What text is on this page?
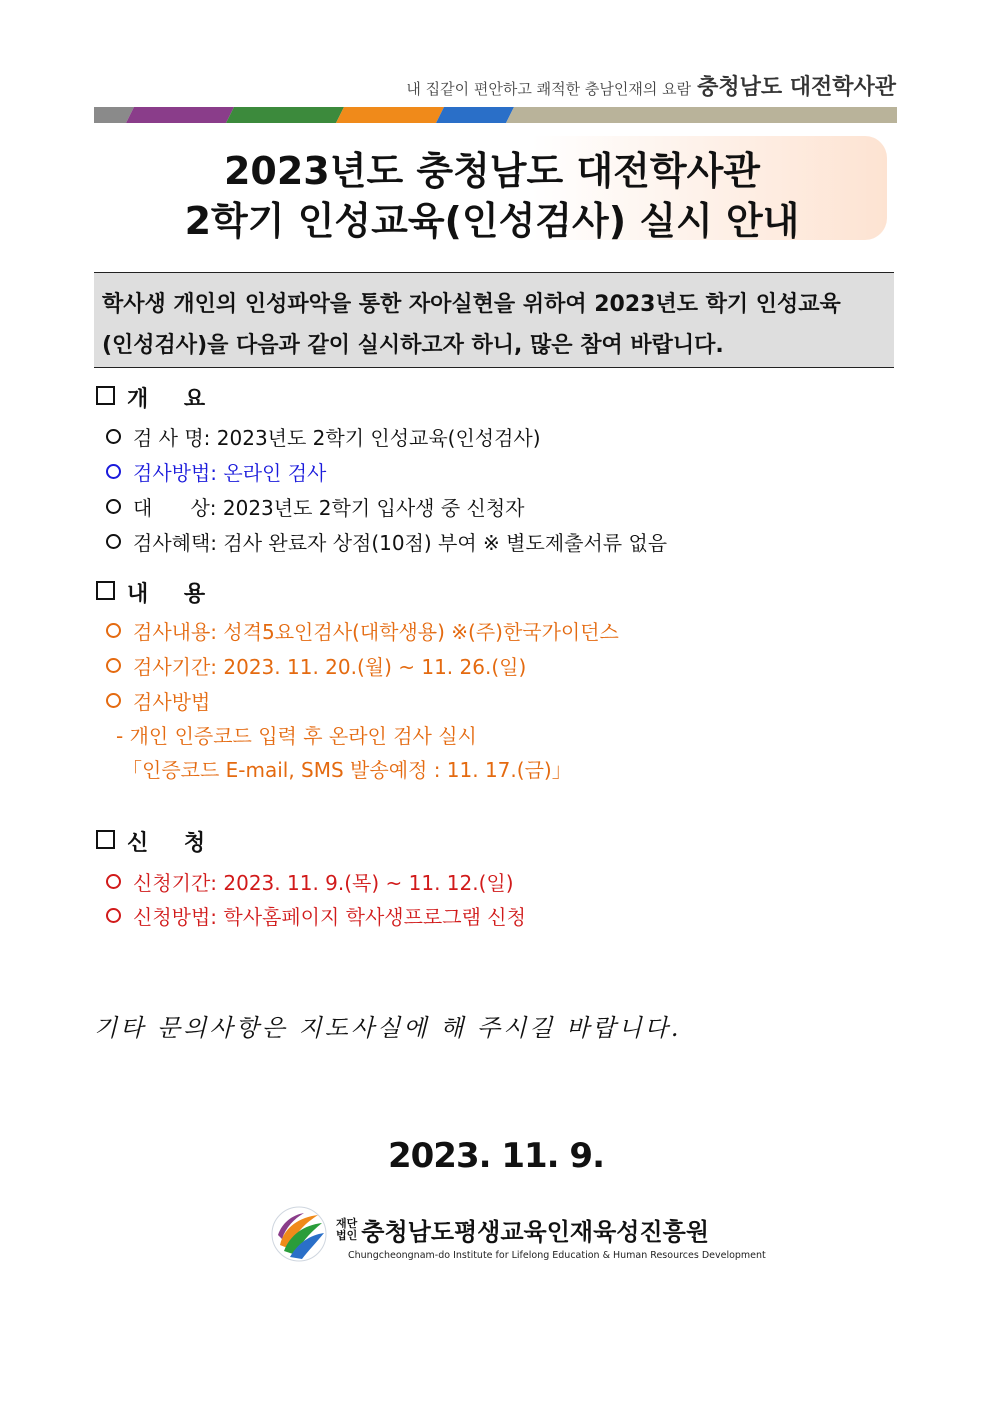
내 집같이 편안하고 쾌적한 충남인재의 요람 충청남도 대전학사관
2023년도 충청남도 대전학사관
2학기 인성교육(인성검사) 실시 안내
학사생 개인의 인성파악을 통한 자아실현을 위하여 2023년도 학기 인성교육
(인성검사)을 다음과 같이 실시하고자 하니, 많은 참여 바랍니다.
개 요
검 사 명: 2023년도 2학기 인성교육(인성검사)
검사방법: 온라인 검사
대      상: 2023년도 2학기 입사생 중 신청자
검사혜택: 검사 완료자 상점(10점) 부여 ※ 별도제출서류 없음
내 용
검사내용: 성격5요인검사(대학생용) ※(주)한국가이던스
검사기간: 2023. 11. 20.(월) ~ 11. 26.(일)
검사방법
- 개인 인증코드 입력 후 온라인 검사 실시
「인증코드 E-mail, SMS 발송예정 : 11. 17.(금)」
신 청
신청기간: 2023. 11. 9.(목) ~ 11. 12.(일)
신청방법: 학사홈페이지 학사생프로그램 신청
기타 문의사항은 지도사실에 해 주시길 바랍니다.
2023. 11. 9.
재단
법인 충청남도평생교육인재육성진흥원
Chungcheongnam-do Institute for Lifelong Education & Human Resources Development
